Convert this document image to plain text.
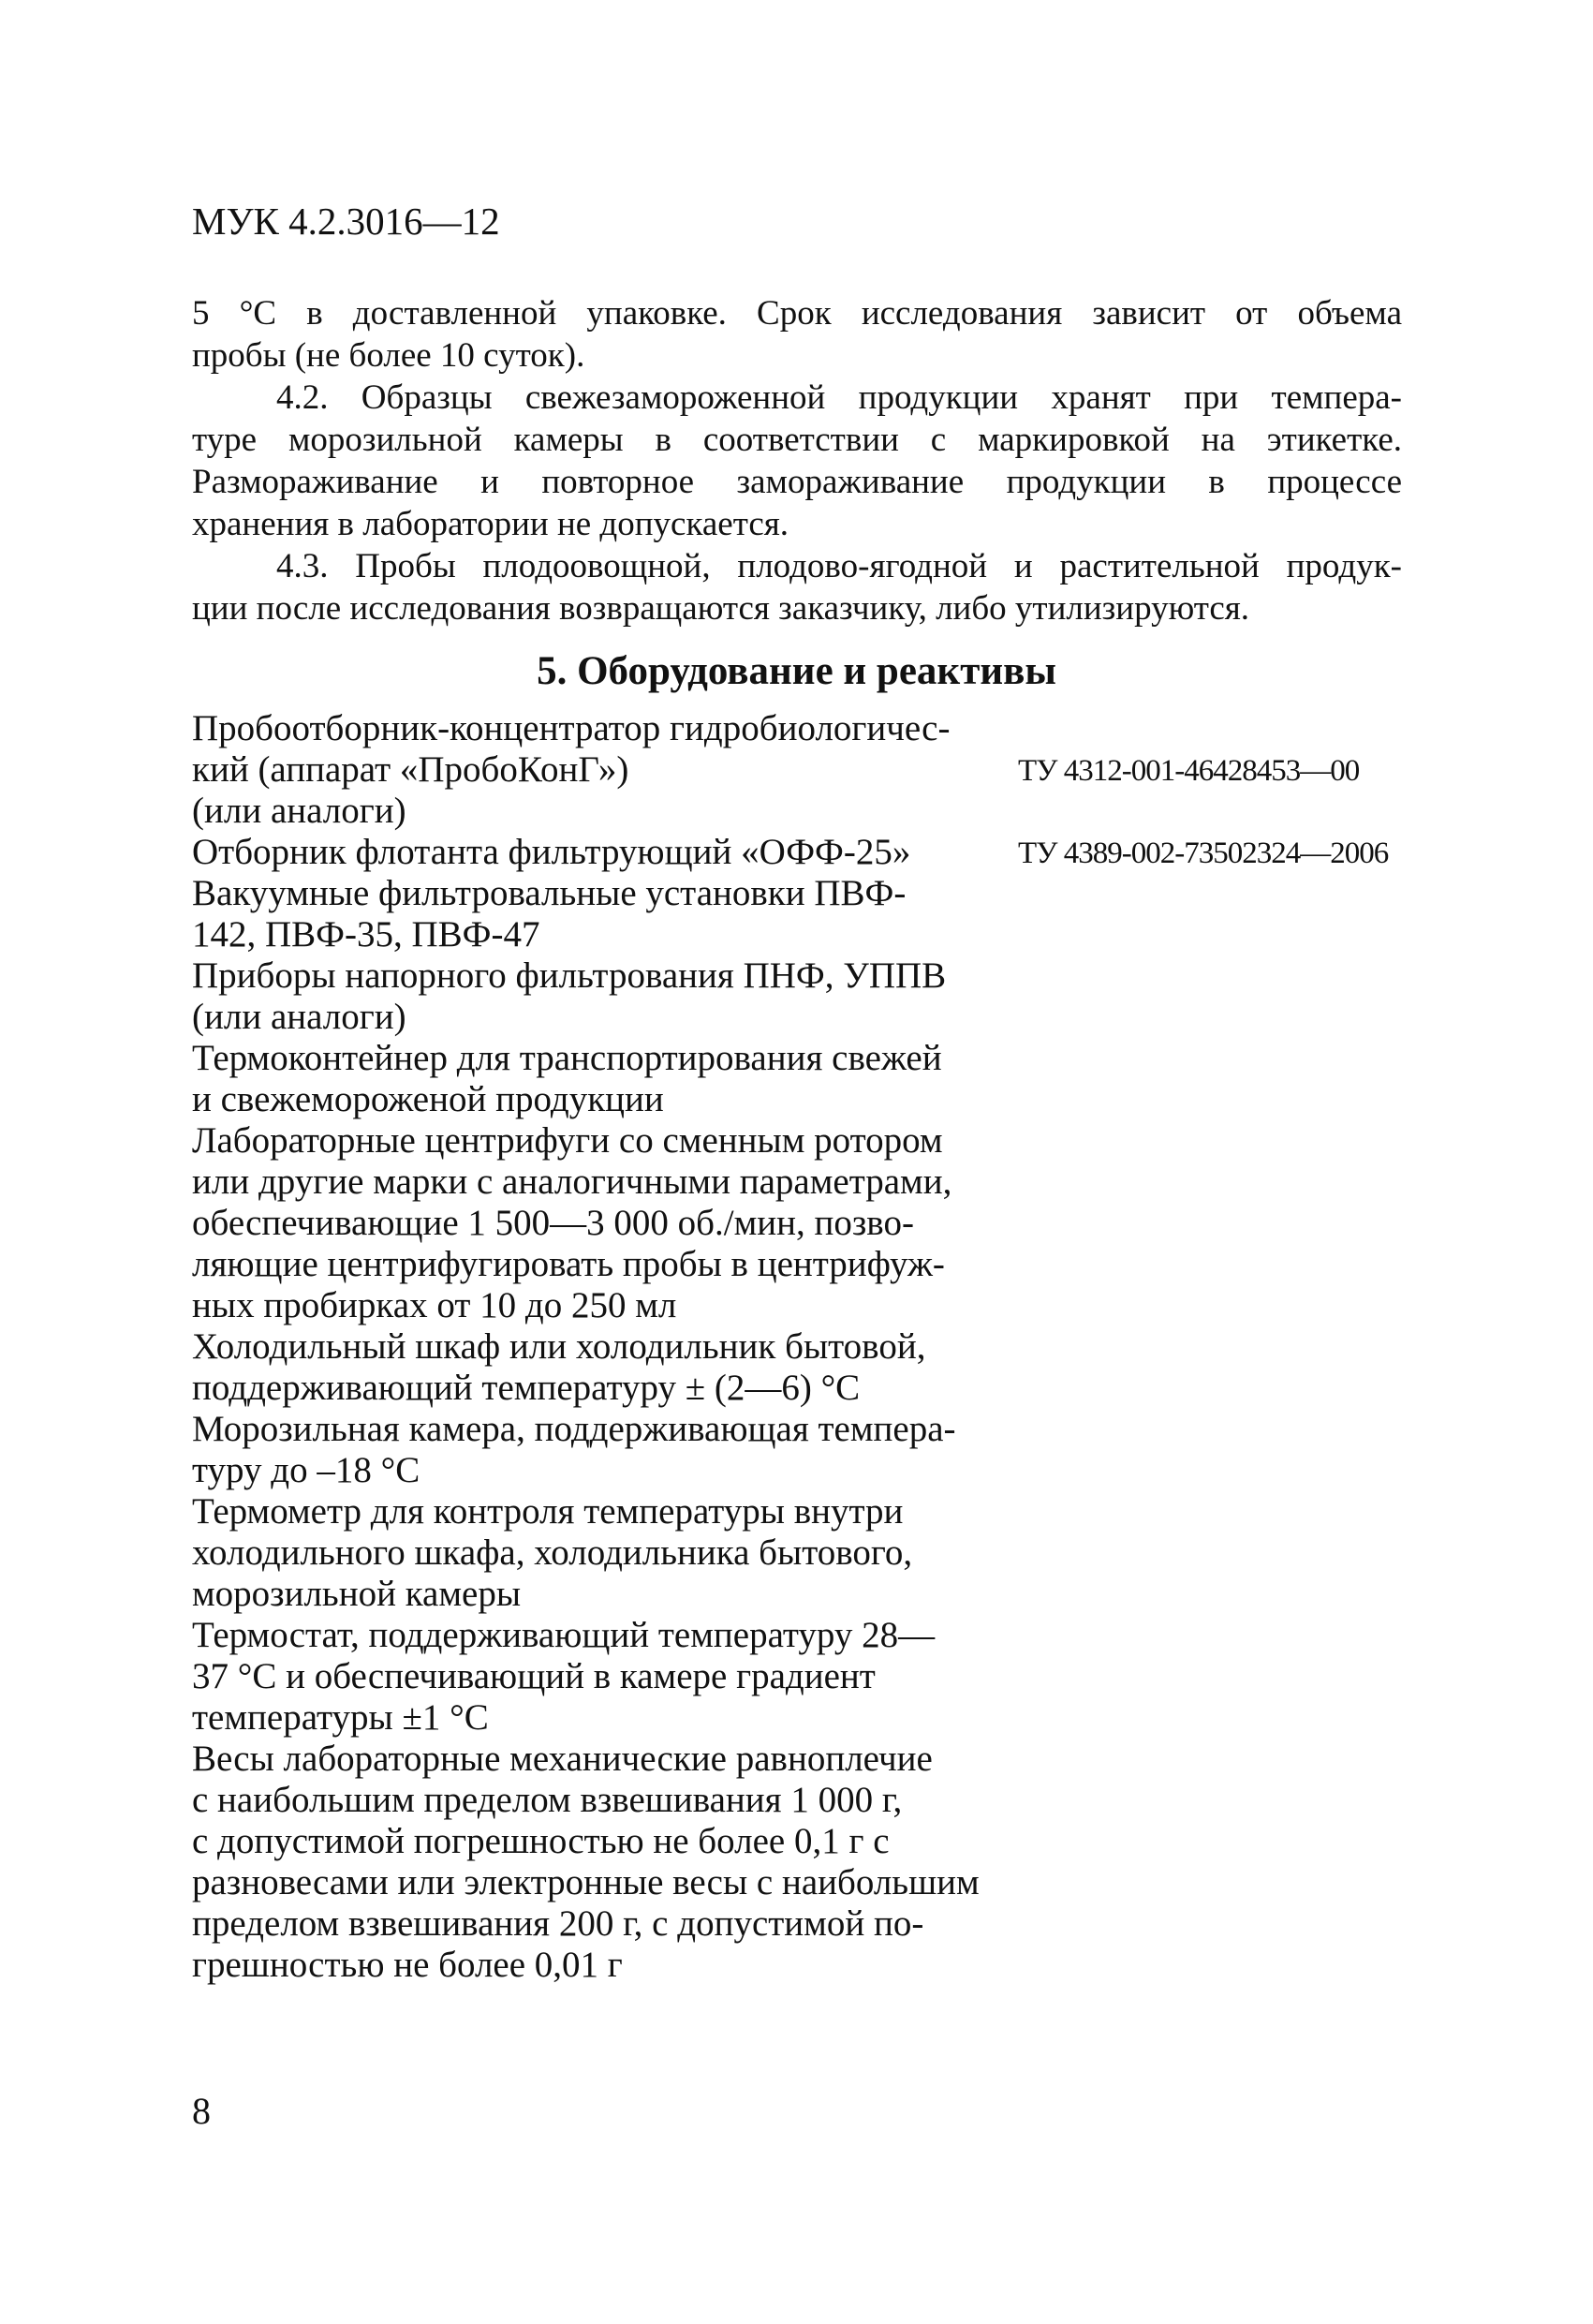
МУК 4.2.3016—12
5 °С в доставленной упаковке. Срок исследования зависит от объема
пробы (не более 10 суток).
4.2. Образцы свежезамороженной продукции хранят при темпера-
туре морозильной камеры в соответствии с маркировкой на этикетке.
Размораживание и повторное замораживание продукции в процессе
хранения в лаборатории не допускается.
4.3. Пробы плодоовощной, плодово-ягодной и растительной продук-
ции после исследования возвращаются заказчику, либо утилизируются.
5. Оборудование и реактивы
Пробоотборник-концентратор гидробиологичес-
кий (аппарат «ПробоКонГ»)
(или аналоги)
ТУ 4312-001-46428453—00
Отборник флотанта фильтрующий «ОФФ-25»	ТУ 4389-002-73502324—2006
Вакуумные фильтровальные установки ПВФ-
142, ПВФ-35, ПВФ-47
Приборы напорного фильтрования ПНФ, УППВ
(или аналоги)
Термоконтейнер для транспортирования свежей
и свежемороженой продукции
Лабораторные центрифуги со сменным ротором
или другие марки с аналогичными параметрами,
обеспечивающие 1 500—3 000 об./мин, позво-
ляющие центрифугировать пробы в центрифуж-
ных пробирках от 10 до 250 мл
Холодильный шкаф или холодильник бытовой,
поддерживающий температуру ± (2—6) °С
Морозильная камера, поддерживающая темпера-
туру до –18 °С
Термометр для контроля температуры внутри
холодильного шкафа, холодильника бытового,
морозильной камеры
Термостат, поддерживающий температуру 28—
37 °С и обеспечивающий в камере градиент
температуры ±1 °С
Весы лабораторные механические равноплечие
с наибольшим пределом взвешивания 1 000 г,
с допустимой погрешностью не более 0,1 г с
разновесами или электронные весы с наибольшим
пределом взвешивания 200 г, с допустимой по-
грешностью не более 0,01 г
8
